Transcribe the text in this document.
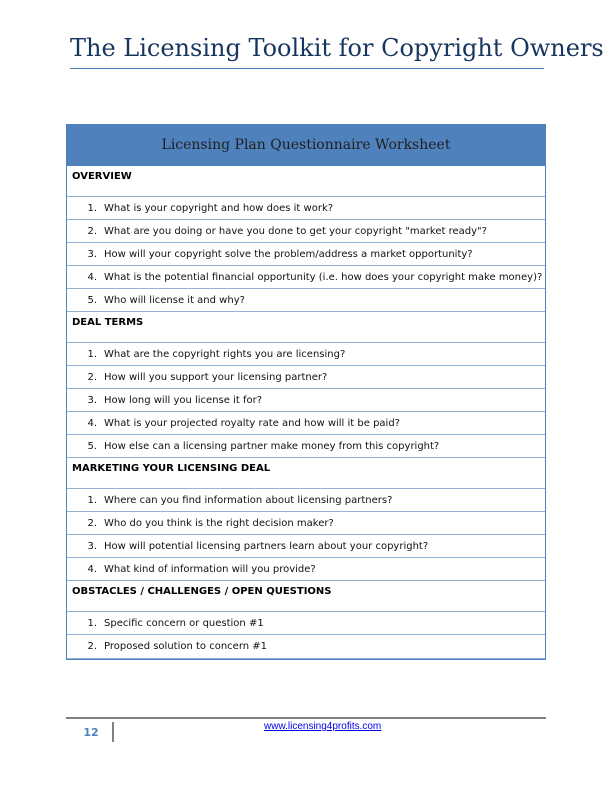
The Licensing Toolkit for Copyright Owners
Licensing Plan Questionnaire Worksheet
OVERVIEW
1. What is your copyright and how does it work?
2. What are you doing or have you done to get your copyright "market ready"?
3. How will your copyright solve the problem/address a market opportunity?
4. What is the potential financial opportunity (i.e. how does your copyright make money)?
5. Who will license it and why?
DEAL TERMS
1. What are the copyright rights you are licensing?
2. How will you support your licensing partner?
3. How long will you license it for?
4. What is your projected royalty rate and how will it be paid?
5. How else can a licensing partner make money from this copyright?
MARKETING YOUR LICENSING DEAL
1. Where can you find information about licensing partners?
2. Who do you think is the right decision maker?
3. How will potential licensing partners learn about your copyright?
4. What kind of information will you provide?
OBSTACLES / CHALLENGES / OPEN QUESTIONS
1. Specific concern or question #1
2. Proposed solution to concern #1
12	www.licensing4profits.com
